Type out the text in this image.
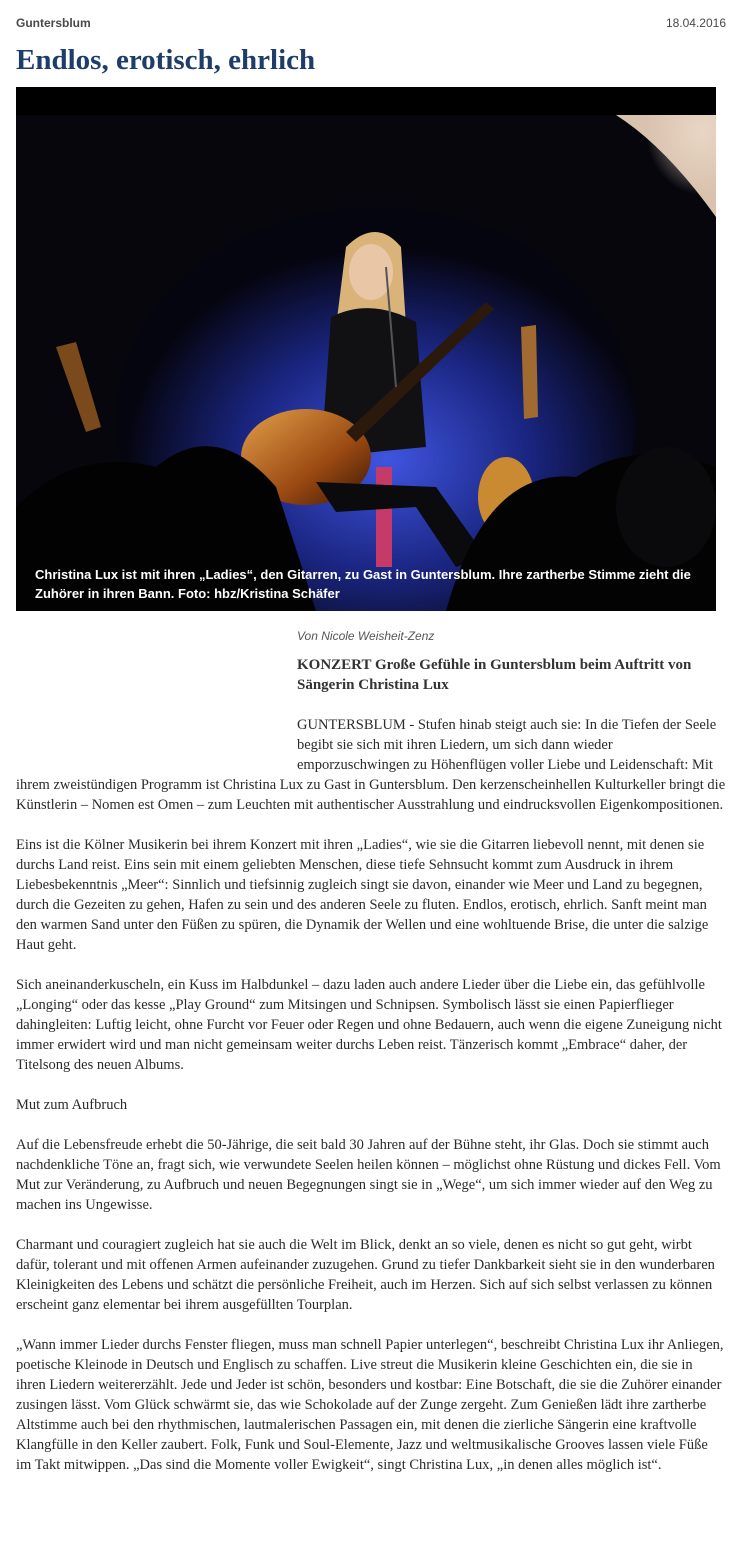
Guntersblum	18.04.2016
Endlos, erotisch, ehrlich
Christina Lux ist mit ihren „Ladies“, den Gitarren, zu Gast in Guntersblum. Ihre zartherbe Stimme zieht die Zuhörer in ihren Bann. Foto: hbz/Kristina Schäfer
Von Nicole Weisheit-Zenz
KONZERT Große Gefühle in Guntersblum beim Auftritt von Sängerin Christina Lux

GUNTERSBLUM - Stufen hinab steigt auch sie: In die Tiefen der Seele begibt sie sich mit ihren Liedern, um sich dann wieder emporzuschwingen zu Höhenflügen voller Liebe und Leidenschaft: Mit ihrem zweistündigen Programm ist Christina Lux zu Gast in Guntersblum. Den kerzenscheinhellen Kulturkeller bringt die Künstlerin – Nomen est Omen – zum Leuchten mit authentischer Ausstrahlung und eindrucksvollen Eigenkompositionen.

Eins ist die Kölner Musikerin bei ihrem Konzert mit ihren „Ladies“, wie sie die Gitarren liebevoll nennt, mit denen sie durchs Land reist. Eins sein mit einem geliebten Menschen, diese tiefe Sehnsucht kommt zum Ausdruck in ihrem Liebesbekenntnis „Meer“: Sinnlich und tiefsinnig zugleich singt sie davon, einander wie Meer und Land zu begegnen, durch die Gezeiten zu gehen, Hafen zu sein und des anderen Seele zu fluten. Endlos, erotisch, ehrlich. Sanft meint man den warmen Sand unter den Füßen zu spüren, die Dynamik der Wellen und eine wohltuende Brise, die unter die salzige Haut geht.

Sich aneinanderkuscheln, ein Kuss im Halbdunkel – dazu laden auch andere Lieder über die Liebe ein, das gefühlvolle „Longing“ oder das kesse „Play Ground“ zum Mitsingen und Schnipsen. Symbolisch lässt sie einen Papierflieger dahingleiten: Luftig leicht, ohne Furcht vor Feuer oder Regen und ohne Bedauern, auch wenn die eigene Zuneigung nicht immer erwidert wird und man nicht gemeinsam weiter durchs Leben reist. Tänzerisch kommt „Embrace“ daher, der Titelsong des neuen Albums.

Mut zum Aufbruch

Auf die Lebensfreude erhebt die 50-Jährige, die seit bald 30 Jahren auf der Bühne steht, ihr Glas. Doch sie stimmt auch nachdenkliche Töne an, fragt sich, wie verwundete Seelen heilen können – möglichst ohne Rüstung und dickes Fell. Vom Mut zur Veränderung, zu Aufbruch und neuen Begegnungen singt sie in „Wege“, um sich immer wieder auf den Weg zu machen ins Ungewisse.

Charmant und couragiert zugleich hat sie auch die Welt im Blick, denkt an so viele, denen es nicht so gut geht, wirbt dafür, tolerant und mit offenen Armen aufeinander zuzugehen. Grund zu tiefer Dankbarkeit sieht sie in den wunderbaren Kleinigkeiten des Lebens und schätzt die persönliche Freiheit, auch im Herzen. Sich auf sich selbst verlassen zu können erscheint ganz elementar bei ihrem ausgefüllten Tourplan.

„Wann immer Lieder durchs Fenster fliegen, muss man schnell Papier unterlegen“, beschreibt Christina Lux ihr Anliegen, poetische Kleinode in Deutsch und Englisch zu schaffen. Live streut die Musikerin kleine Geschichten ein, die sie in ihren Liedern weitererzählt. Jede und Jeder ist schön, besonders und kostbar: Eine Botschaft, die sie die Zuhörer einander zusingen lässt. Vom Glück schwärmt sie, das wie Schokolade auf der Zunge zergeht. Zum Genießen lädt ihre zartherbe Altstimme auch bei den rhythmischen, lautmalerischen Passagen ein, mit denen die zierliche Sängerin eine kraftvolle Klangfülle in den Keller zaubert. Folk, Funk und Soul-Elemente, Jazz und weltmusikalische Grooves lassen viele Füße im Takt mitwippen. „Das sind die Momente voller Ewigkeit“, singt Christina Lux, „in denen alles möglich ist“.
